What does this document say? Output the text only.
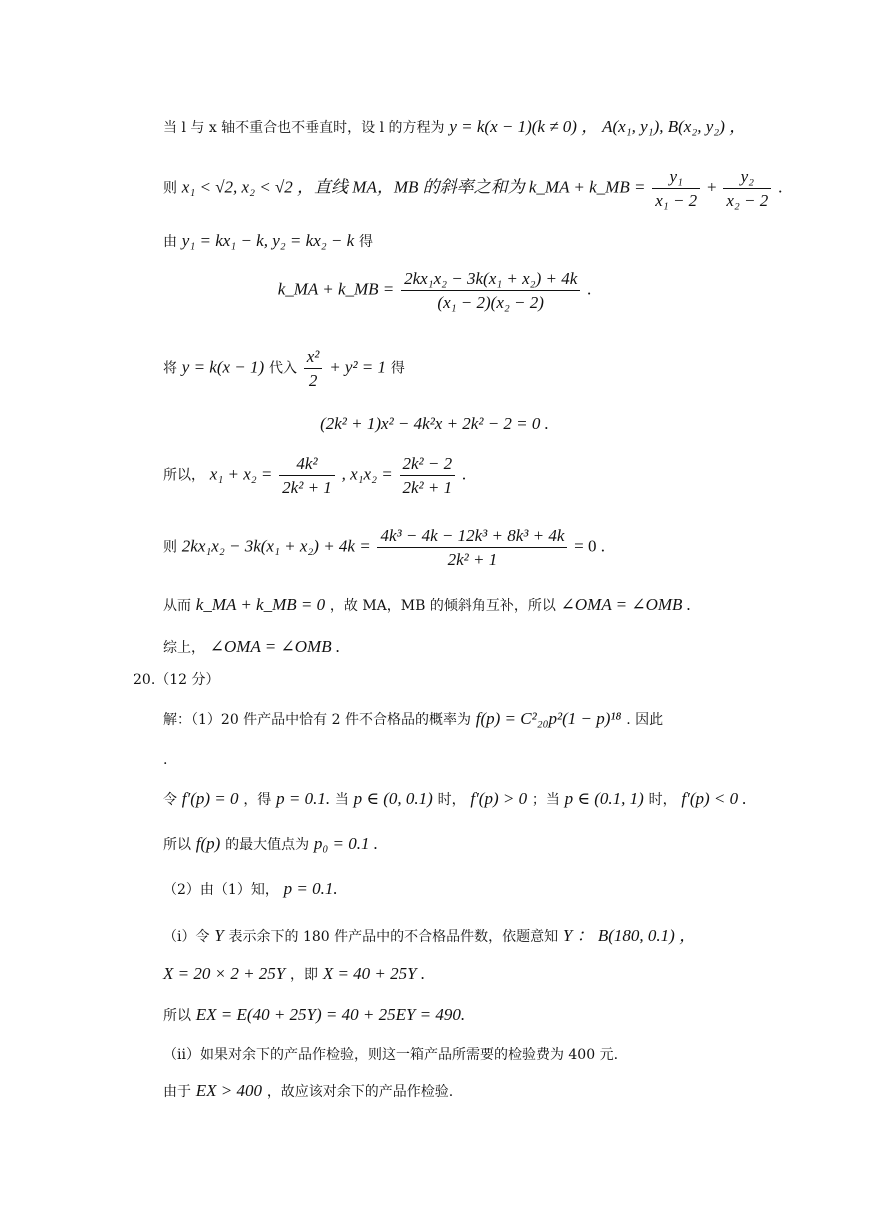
当 l 与 x 轴不重合也不垂直时，设 l 的方程为 y = k(x − 1)(k ≠ 0) ， A(x₁, y₁), B(x₂, y₂) ，
则 x₁ < √2, x₂ < √2 ，直线 MA，MB 的斜率之和为 k_MA + k_MB = $\frac{\text{y₁}}{\text{x₁ − 2}} + \frac{\text{y₂}}{\text{x₂ − 2}}$ .
由 y₁ = kx₁ − k, y₂ = kx₂ − k 得
k_MA + k_MB = $\frac{\text{2kx₁x₂ − 3k(x₁ + x₂) + 4k}}{\text{(x₁ − 2)(x₂ − 2)}}$ .
将 y = k(x − 1) 代入 $\frac{\text{x²}}{2} + y^2 = 1$ 得
(2k² + 1)x² − 4k²x + 2k² − 2 = 0 .
所以， $x_1 + x_2 = \frac{\text{4k²}}{\text{2k² + 1}}$ , $x_1x_2 = \frac{\text{2k² − 2}}{\text{2k² + 1}}$ .
则 $2kx_1x_2 - 3k(x_1 + x_2) + 4k = \frac{\text{4k³ − 4k − 12k³ + 8k³ + 4k}}{\text{2k² + 1}} = 0$ .
从而 k_MA + k_MB = 0 ，故 MA，MB 的倾斜角互补，所以 ∠OMA = ∠OMB .
综上， ∠OMA = ∠OMB .
20.（12 分）
解：（1）20 件产品中恰有 2 件不合格品的概率为 f(p) = C²₂₀p²(1 − p)¹⁸ . 因此
.
令 f′(p) = 0 ，得 p = 0.1. 当 p ∈ (0, 0.1) 时， f′(p) > 0 ；当 p ∈ (0.1, 1) 时， f′(p) < 0 .
所以 f(p) 的最大值点为 p₀ = 0.1 .
（2）由（1）知， p = 0.1.
（i）令 Y 表示余下的 180 件产品中的不合格品件数，依题意知 Y ： B(180, 0.1) ，
X = 20 × 2 + 25Y ，即 X = 40 + 25Y .
所以 EX = E(40 + 25Y) = 40 + 25EY = 490.
（ii）如果对余下的产品作检验，则这一箱产品所需要的检验费为 400 元.
由于 EX > 400 ，故应该对余下的产品作检验.
